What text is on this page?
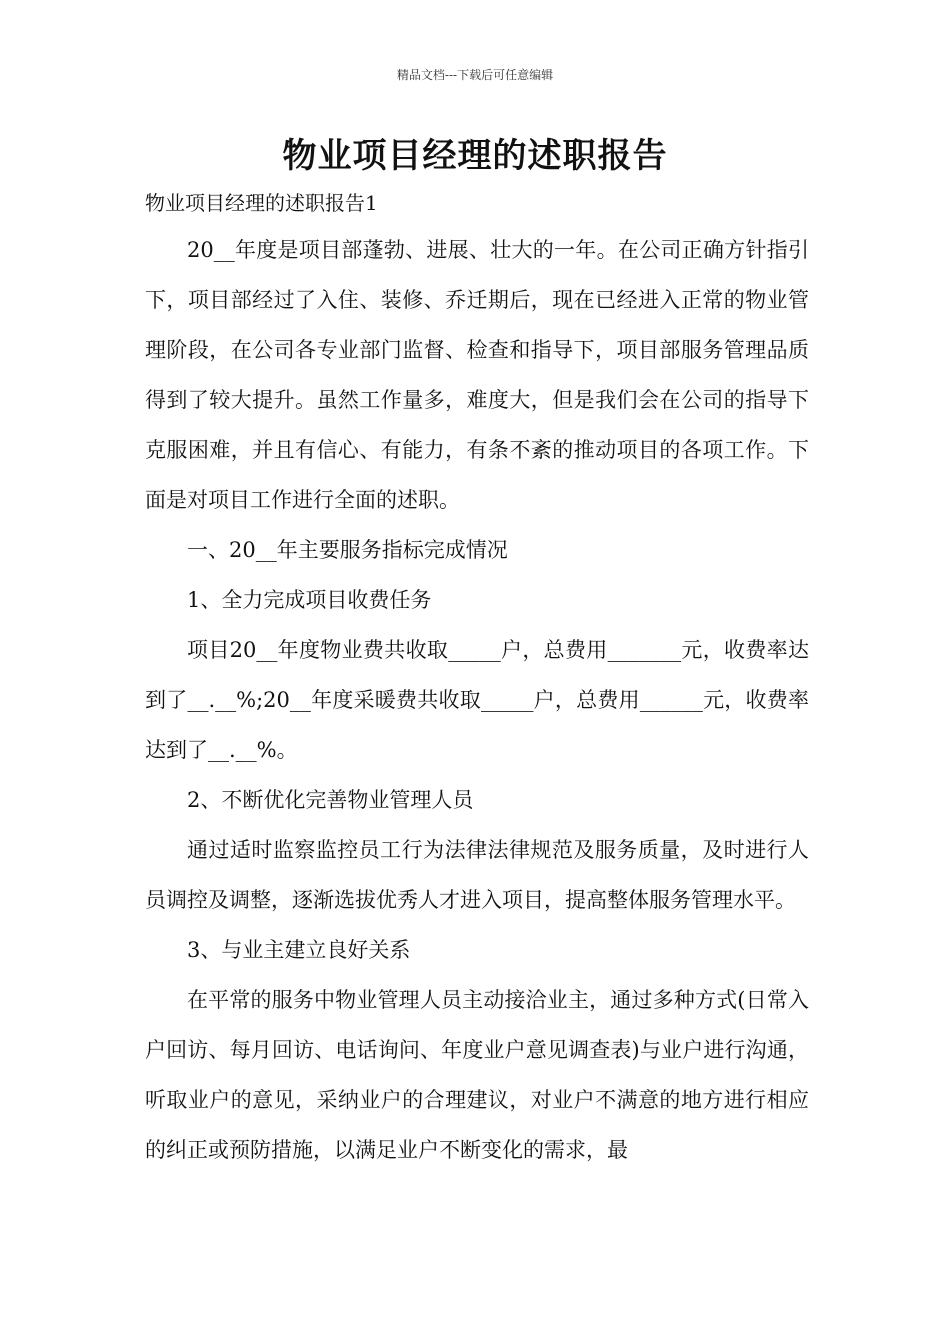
精品文档---下载后可任意编辑
物业项目经理的述职报告
物业项目经理的述职报告1

20__年度是项目部蓬勃、进展、壮大的一年。在公司正确方针指引下，项目部经过了入住、装修、乔迁期后，现在已经进入正常的物业管理阶段，在公司各专业部门监督、检查和指导下，项目部服务管理品质得到了较大提升。虽然工作量多，难度大，但是我们会在公司的指导下克服困难，并且有信心、有能力，有条不紊的推动项目的各项工作。下面是对项目工作进行全面的述职。

一、20__年主要服务指标完成情况

1、全力完成项目收费任务

项目20__年度物业费共收取_____户，总费用_______元，收费率达到了__.__%;20__年度采暖费共收取_____户，总费用______元，收费率达到了__.__%。

2、不断优化完善物业管理人员

通过适时监察监控员工行为法律法律规范及服务质量，及时进行人员调控及调整，逐渐选拔优秀人才进入项目，提高整体服务管理水平。

3、与业主建立良好关系

在平常的服务中物业管理人员主动接洽业主，通过多种方式(日常入户回访、每月回访、电话询问、年度业户意见调查表)与业户进行沟通，听取业户的意见，采纳业户的合理建议，对业户不满意的地方进行相应的纠正或预防措施，以满足业户不断变化的需求，最
